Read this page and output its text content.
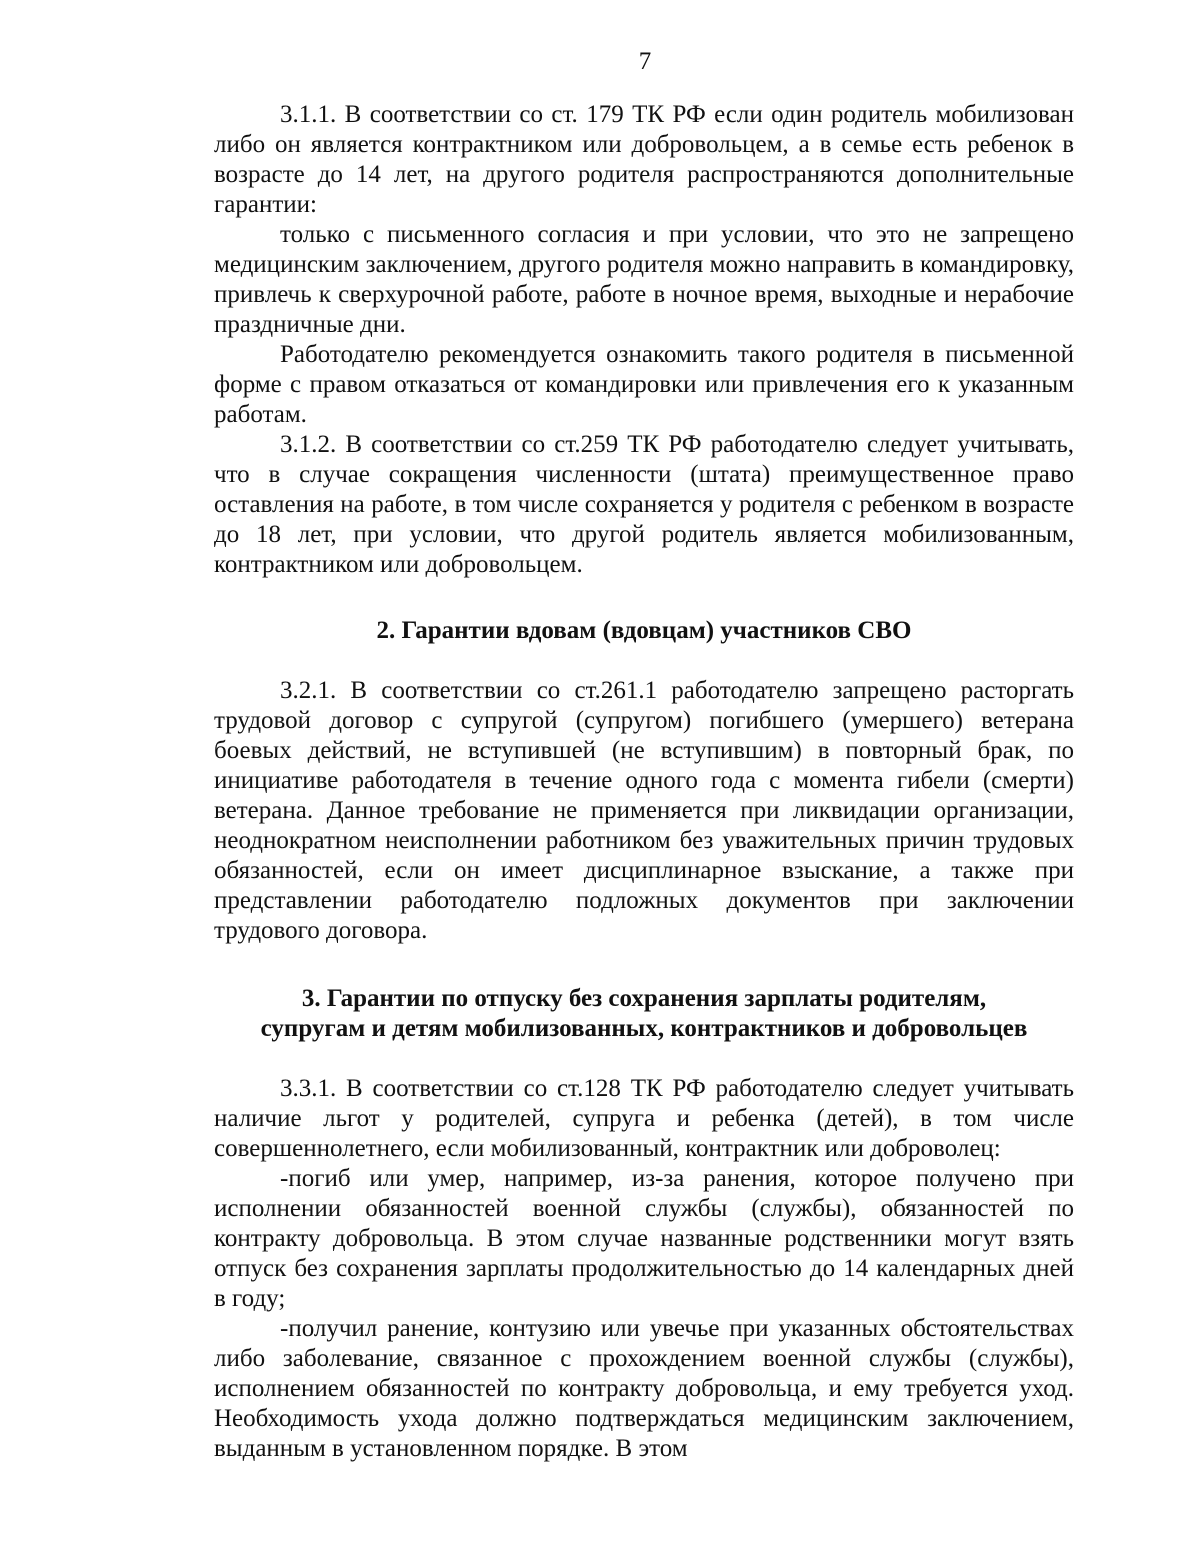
7

3.1.1. В соответствии со ст. 179 ТК РФ если один родитель мобилизован либо он является контрактником или добровольцем, а в семье есть ребенок в возрасте до 14 лет, на другого родителя распространяются дополнительные гарантии:

только с письменного согласия и при условии, что это не запрещено медицинским заключением, другого родителя можно направить в командировку, привлечь к сверхурочной работе, работе в ночное время, выходные и нерабочие праздничные дни.

Работодателю рекомендуется ознакомить такого родителя в письменной форме с правом отказаться от командировки или привлечения его к указанным работам.

3.1.2. В соответствии со ст.259 ТК РФ работодателю следует учитывать, что в случае сокращения численности (штата) преимущественное право оставления на работе, в том числе сохраняется у родителя с ребенком в возрасте до 18 лет, при условии, что другой родитель является мобилизованным, контрактником или добровольцем.

2. Гарантии вдовам (вдовцам) участников СВО

3.2.1. В соответствии со ст.261.1 работодателю запрещено расторгать трудовой договор с супругой (супругом) погибшего (умершего) ветерана боевых действий, не вступившей (не вступившим) в повторный брак, по инициативе работодателя в течение одного года с момента гибели (смерти) ветерана. Данное требование не применяется при ликвидации организации, неоднократном неисполнении работником без уважительных причин трудовых обязанностей, если он имеет дисциплинарное взыскание, а также при представлении работодателю подложных документов при заключении трудового договора.

3. Гарантии по отпуску без сохранения зарплаты родителям,
супругам и детям мобилизованных, контрактников и добровольцев

3.3.1. В соответствии со ст.128 ТК РФ работодателю следует учитывать наличие льгот у родителей, супруга и ребенка (детей), в том числе совершеннолетнего, если мобилизованный, контрактник или доброволец:

-погиб или умер, например, из-за ранения, которое получено при исполнении обязанностей военной службы (службы), обязанностей по контракту добровольца. В этом случае названные родственники могут взять отпуск без сохранения зарплаты продолжительностью до 14 календарных дней в году;

-получил ранение, контузию или увечье при указанных обстоятельствах либо заболевание, связанное с прохождением военной службы (службы), исполнением обязанностей по контракту добровольца, и ему требуется уход. Необходимость ухода должно подтверждаться медицинским заключением, выданным в установленном порядке. В этом
